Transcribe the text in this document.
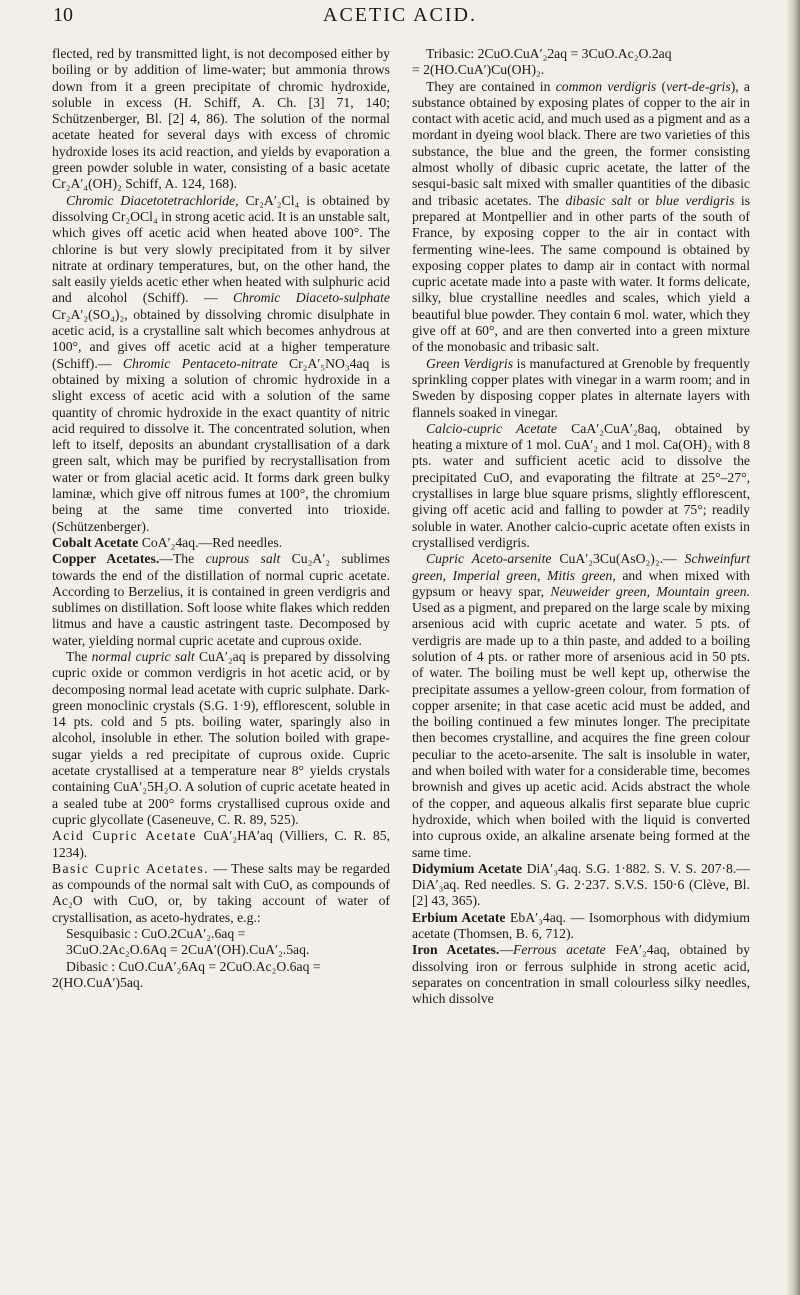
10	ACETIC ACID.

flected, red by transmitted light, is not decomposed either by boiling or by addition of lime-water; but ammonia throws down from it a green precipitate of chromic hydroxide, soluble in excess (H. Schiff, A. Ch. [3] 71, 140; Schützenberger, Bl. [2] 4, 86). The solution of the normal acetate heated for several days with excess of chromic hydroxide loses its acid reaction, and yields by evaporation a green powder soluble in water, consisting of a basic acetate Cr₂A′₄(OH)₂ Schiff, A. 124, 168).

Chromic Diacetotetrachloride, Cr₂A′₂Cl₄ is obtained by dissolving Cr₂OCl₄ in strong acetic acid. It is an unstable salt, which gives off acetic acid when heated above 100°. The chlorine is but very slowly precipitated from it by silver nitrate at ordinary temperatures, but, on the other hand, the salt easily yields acetic ether when heated with sulphuric acid and alcohol (Schiff). — Chromic Diaceto-sulphate Cr₂A′₂(SO₄)₂, obtained by dissolving chromic disulphate in acetic acid, is a crystalline salt which becomes anhydrous at 100°, and gives off acetic acid at a higher temperature (Schiff).— Chromic Pentaceto-nitrate Cr₂A′₅NO₃4aq is obtained by mixing a solution of chromic hydroxide in a slight excess of acetic acid with a solution of the same quantity of chromic hydroxide in the exact quantity of nitric acid required to dissolve it. The concentrated solution, when left to itself, deposits an abundant crystallisation of a dark green salt, which may be purified by recrystallisation from water or from glacial acetic acid. It forms dark green bulky laminæ, which give off nitrous fumes at 100°, the chromium being at the same time converted into trioxide. (Schützenberger).

Cobalt Acetate CoA′₂4aq.—Red needles.

Copper Acetates.—The cuprous salt Cu₂A′₂ sublimes towards the end of the distillation of normal cupric acetate. According to Berzelius, it is contained in green verdigris and sublimes on distillation. Soft loose white flakes which redden litmus and have a caustic astringent taste. Decomposed by water, yielding normal cupric acetate and cuprous oxide.

The normal cupric salt CuA′₂aq is prepared by dissolving cupric oxide or common verdigris in hot acetic acid, or by decomposing normal lead acetate with cupric sulphate. Dark-green monoclinic crystals (S.G. 1·9), efflorescent, soluble in 14 pts. cold and 5 pts. boiling water, sparingly also in alcohol, insoluble in ether. The solution boiled with grape-sugar yields a red precipitate of cuprous oxide. Cupric acetate crystallised at a temperature near 8° yields crystals containing CuA′₂5H₂O. A solution of cupric acetate heated in a sealed tube at 200° forms crystallised cuprous oxide and cupric glycollate (Caseneuve, C. R. 89, 525).

Acid Cupric Acetate CuA′₂HA′aq (Villiers, C. R. 85, 1234).

Basic Cupric Acetates. — These salts may be regarded as compounds of the normal salt with CuO, as compounds of Ac₂O with CuO, or, by taking account of water of crystallisation, as aceto-hydrates, e.g.:

Sesquibasic : CuO.2CuA′₂.6aq =

3CuO.2Ac₂O.6Aq = 2CuA′(OH).CuA′₂.5aq.

Dibasic : CuO.CuA′₂6Aq = 2CuO.Ac₂O.6aq =

2(HO.CuA′)5aq.

Tribasic: 2CuO.CuA′₂2aq = 3CuO.Ac₂O.2aq

= 2(HO.CuA′)Cu(OH)₂.

They are contained in common verdigris (vert-de-gris), a substance obtained by exposing plates of copper to the air in contact with acetic acid, and much used as a pigment and as a mordant in dyeing wool black. There are two varieties of this substance, the blue and the green, the former consisting almost wholly of dibasic cupric acetate, the latter of the sesqui-basic salt mixed with smaller quantities of the dibasic and tribasic acetates. The dibasic salt or blue verdigris is prepared at Montpellier and in other parts of the south of France, by exposing copper to the air in contact with fermenting wine-lees. The same compound is obtained by exposing copper plates to damp air in contact with normal cupric acetate made into a paste with water. It forms delicate, silky, blue crystalline needles and scales, which yield a beautiful blue powder. They contain 6 mol. water, which they give off at 60°, and are then converted into a green mixture of the monobasic and tribasic salt.

Green Verdigris is manufactured at Grenoble by frequently sprinkling copper plates with vinegar in a warm room; and in Sweden by disposing copper plates in alternate layers with flannels soaked in vinegar.

Calcio-cupric Acetate CaA′₂CuA′₂8aq, obtained by heating a mixture of 1 mol. CuA′₂ and 1 mol. Ca(OH)₂ with 8 pts. water and sufficient acetic acid to dissolve the precipitated CuO, and evaporating the filtrate at 25°–27°, crystallises in large blue square prisms, slightly efflorescent, giving off acetic acid and falling to powder at 75°; readily soluble in water. Another calcio-cupric acetate often exists in crystallised verdigris.

Cupric Aceto-arsenite CuA′₂3Cu(AsO₂)₂.— Schweinfurt green, Imperial green, Mitis green, and when mixed with gypsum or heavy spar, Neuweider green, Mountain green. Used as a pigment, and prepared on the large scale by mixing arsenious acid with cupric acetate and water. 5 pts. of verdigris are made up to a thin paste, and added to a boiling solution of 4 pts. or rather more of arsenious acid in 50 pts. of water. The boiling must be well kept up, otherwise the precipitate assumes a yellow-green colour, from formation of copper arsenite; in that case acetic acid must be added, and the boiling continued a few minutes longer. The precipitate then becomes crystalline, and acquires the fine green colour peculiar to the aceto-arsenite. The salt is insoluble in water, and when boiled with water for a considerable time, becomes brownish and gives up acetic acid. Acids abstract the whole of the copper, and aqueous alkalis first separate blue cupric hydroxide, which when boiled with the liquid is converted into cuprous oxide, an alkaline arsenate being formed at the same time.

Didymium Acetate DiA′₃4aq. S.G. 1·882. S. V. S. 207·8.—DiA′₃aq. Red needles. S. G. 2·237. S.V.S. 150·6 (Clève, Bl. [2] 43, 365).

Erbium Acetate EbA′₃4aq. — Isomorphous with didymium acetate (Thomsen, B. 6, 712).

Iron Acetates.—Ferrous acetate FeA′₂4aq, obtained by dissolving iron or ferrous sulphide in strong acetic acid, separates on concentration in small colourless silky needles, which dissolve
